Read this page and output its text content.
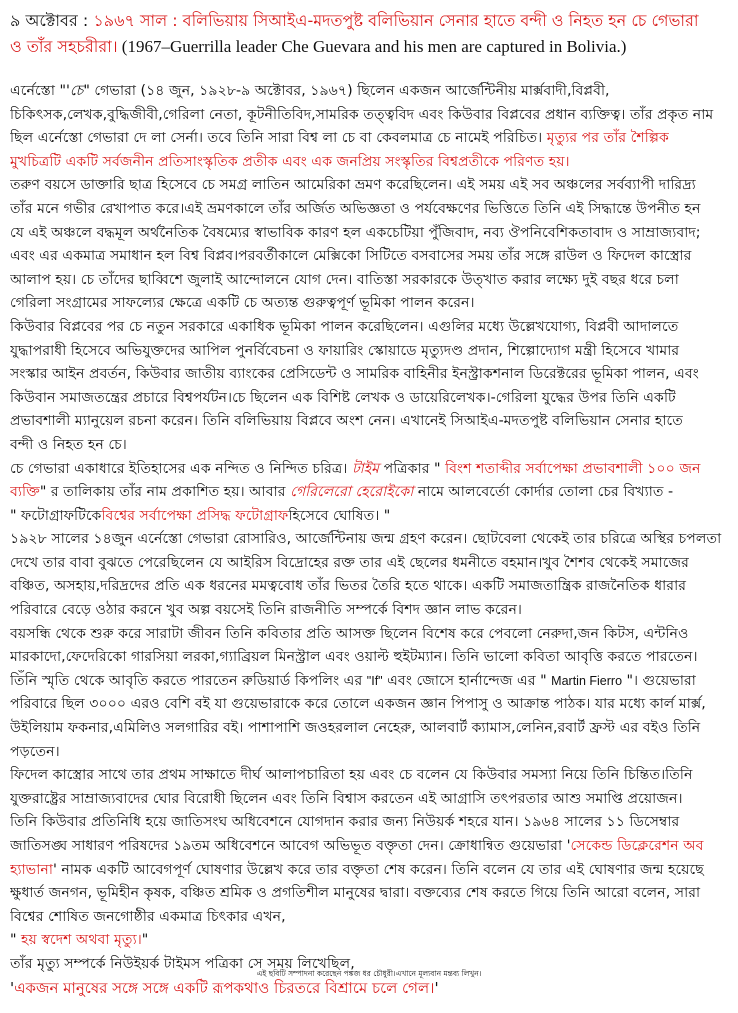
৯ অক্টোবর : ১৯৬৭ সাল : বলিভিয়ায় সিআইএ-মদতপুষ্ট বলিভিয়ান সেনার হাতে বন্দী ও নিহত হন চে গেভারা
ও তাঁর সহচরীরা। (1967–Guerrilla leader Che Guevara and his men are captured in Bolivia.)
এর্নেস্তো "'চে" গেভারা (১৪ জুন, ১৯২৮-৯ অক্টোবর, ১৯৬৭) ছিলেন একজন আর্জেন্টিনীয় মার্ক্সবাদী,বিপ্লবী,
চিকিৎসক,লেখক,বুদ্ধিজীবী,গেরিলা নেতা, কূটনীতিবিদ,সামরিক তত্ত্ববিদ এবং কিউবার বিপ্লবের প্রধান ব্যক্তিত্ব। তাঁর প্রকৃত নাম
ছিল এর্নেস্তো গেভারা দে লা সের্না। তবে তিনি সারা বিশ্ব লা চে বা কেবলমাত্র চে নামেই পরিচিত। মৃত্যুর পর তাঁর শৈল্পিক
মুখচিত্রটি একটি সর্বজনীন প্রতিসাংস্কৃতিক প্রতীক এবং এক জনপ্রিয় সংস্কৃতির বিশ্বপ্রতীকে পরিণত হয়।
তরুণ বয়সে ডাক্তারি ছাত্র হিসেবে চে সমগ্র লাতিন আমেরিকা ভ্রমণ করেছিলেন। এই সময় এই সব অঞ্চলের সর্বব্যাপী দারিদ্র্য
তাঁর মনে গভীর রেখাপাত করে।এই ভ্রমণকালে তাঁর অর্জিত অভিজ্ঞতা ও পর্যবেক্ষণের ভিত্তিতে তিনি এই সিদ্ধান্তে উপনীত হন
যে এই অঞ্চলে বদ্ধমূল অর্থনৈতিক বৈষম্যের স্বাভাবিক কারণ হল একচেটিয়া পুঁজিবাদ, নব্য ঔপনিবেশিকতাবাদ ও সাম্রাজ্যবাদ;
এবং এর একমাত্র সমাধান হল বিশ্ব বিপ্লব।পরবর্তীকালে মেক্সিকো সিটিতে বসবাসের সময় তাঁর সঙ্গে রাউল ও ফিদেল কাস্ত্রোর
আলাপ হয়। চে তাঁদের ছাব্বিশে জুলাই আন্দোলনে যোগ দেন। বাতিস্তা সরকারকে উত্খাত করার লক্ষ্যে দুই বছর ধরে চলা
গেরিলা সংগ্রামের সাফল্যের ক্ষেত্রে একটি চে অত্যন্ত গুরুত্বপূর্ণ ভূমিকা পালন করেন।
কিউবার বিপ্লবের পর চে নতুন সরকারে একাধিক ভূমিকা পালন করেছিলেন। এগুলির মধ্যে উল্লেখযোগ্য, বিপ্লবী আদালতে
যুদ্ধাপরাধী হিসেবে অভিযুক্তদের আপিল পুনর্বিবেচনা ও ফায়ারিং স্কোয়াডে মৃত্যুদণ্ড প্রদান, শিল্পোদ্যোগ মন্ত্রী হিসেবে খামার
সংস্কার আইন প্রবর্তন, কিউবার জাতীয় ব্যাংকের প্রেসিডেন্ট ও সামরিক বাহিনীর ইনস্ট্রাকশনাল ডিরেক্টরের ভূমিকা পালন, এবং
কিউবান সমাজতন্ত্রের প্রচারে বিশ্বপর্যটন।চে ছিলেন এক বিশিষ্ট লেখক ও ডায়েরিলেখক।-গেরিলা যুদ্ধের উপর তিনি একটি
প্রভাবশালী ম্যানুয়েল রচনা করেন। তিনি বলিভিয়ায় বিপ্লবে অংশ নেন। এখানেই সিআইএ-মদতপুষ্ট বলিভিয়ান সেনার হাতে
বন্দী ও নিহত হন চে।
চে গেভারা একাধারে ইতিহাসের এক নন্দিত ও নিন্দিত চরিত্র। টাইম পত্রিকার " বিংশ শতাব্দীর সর্বাপেক্ষা প্রভাবশালী ১০০ জন
ব্যক্তি" র তালিকায় তাঁর নাম প্রকাশিত হয়। আবার গেরিলেরো হেরোইকো নামে আলবের্তো কোর্দার তোলা চের বিখ্যাত -
" ফটোগ্রাফটিকেবিশ্বের সর্বাপেক্ষা প্রসিদ্ধ ফটোগ্রাফহিসেবে ঘোষিত। "
১৯২৮ সালের ১৪জুন এর্নেস্তো গেভারা রোসারিও, আর্জেন্টিনায় জন্ম গ্রহণ করেন। ছোটবেলা থেকেই তার চরিত্রে অস্থির চপলতা
দেখে তার বাবা বুঝতে পেরেছিলেন যে আইরিস বিদ্রোহের রক্ত তার এই ছেলের ধমনীতে বহমান।খুব শৈশব থেকেই সমাজের
বঞ্চিত, অসহায়,দরিদ্রদের প্রতি এক ধরনের মমত্ববোধ তাঁর ভিতর তৈরি হতে থাকে। একটি সমাজতান্ত্রিক রাজনৈতিক ধারার
পরিবারে বেড়ে ওঠার করনে খুব অল্প বয়সেই তিনি রাজনীতি সম্পর্কে বিশদ জ্ঞান লাভ করেন।
বয়সন্ধি থেকে শুরু করে সারাটা জীবন তিনি কবিতার প্রতি আসক্ত ছিলেন বিশেষ করে পেবলো নেরুদা,জন কিটস, এন্টনিও
মারকাদো,ফেদেরিকো গারসিয়া লরকা,গ্যাব্রিয়ল মিনস্ট্রাল এবং ওয়াল্ট হুইটম্যান। তিনি ভালো কবিতা আবৃত্তি করতে পারতেন।
তিঁনি স্মৃতি থেকে আবৃতি করতে পারতেন রুডিয়ার্ড কিপলিং এর "If" এবং জোসে হার্নান্দেজ এর " Martin Fierro "। গুয়েভারা
পরিবারে ছিল ৩০০০ এরও বেশি বই যা গুয়েভারাকে করে তোলে একজন জ্ঞান পিপাসু ও আক্রান্ত পাঠক। যার মধ্যে কার্ল মার্ক্স,
উইলিয়াম ফকনার,এমিলিও সলগারির বই। পাশাপাশি জওহরলাল নেহেরু, আলবার্ট ক্যামাস,লেনিন,রবার্ট ফ্রস্ট এর বইও তিনি
পড়তেন।
ফিদেল কাস্ত্রোর সাথে তার প্রথম সাক্ষাতে দীর্ঘ আলাপচারিতা হয় এবং চে বলেন যে কিউবার সমস্যা নিয়ে তিনি চিন্তিত।তিনি
যুক্তরাষ্ট্রের সাম্রাজ্যবাদের ঘোর বিরোধী ছিলেন এবং তিনি বিশ্বাস করতেন এই আগ্রাসি তৎপরতার আশু সমাপ্তি প্রয়োজন।
তিনি কিউবার প্রতিনিধি হয়ে জাতিসংঘ অধিবেশনে যোগদান করার জন্য নিউয়র্ক শহরে যান। ১৯৬৪ সালের ১১ ডিসেম্বার
জাতিসঙ্ঘ সাধারণ পরিষদের ১৯তম অধিবেশনে আবেগ অভিভূত বক্তৃতা দেন। ক্রোধান্বিত গুয়েভারা 'সেকেন্ড ডিক্লেরেশন অব
হ্যাভানা' নামক একটি আবেগপূর্ণ ঘোষণার উল্লেখ করে তার বক্তৃতা শেষ করেন। তিনি বলেন যে তার এই ঘোষণার জন্ম হয়েছে
ক্ষুধার্ত জনগন, ভূমিহীন কৃষক, বঞ্চিত শ্রমিক ও প্রগতিশীল মানুষের দ্বারা। বক্তব্যের শেষ করতে গিয়ে তিনি আরো বলেন, সারা
বিশ্বের শোষিত জনগোষ্ঠীর একমাত্র চিৎকার এখন,
" হয় স্বদেশ অথবা মৃত্যু।"
তাঁর মৃত্যু সম্পর্কে নিউইয়র্ক টাইমস পত্রিকা সে সময় লিখেছিল,
'একজন মানুষের সঙ্গে সঙ্গে একটি রূপকথাও চিরতরে বিশ্রামে চলে গেল।'
এই ছবিটি সম্পাদনা করেছেন পঙ্কজ ধর চৌধুরী।এখানে মূল্যবান মন্তব্য লিখুন।
